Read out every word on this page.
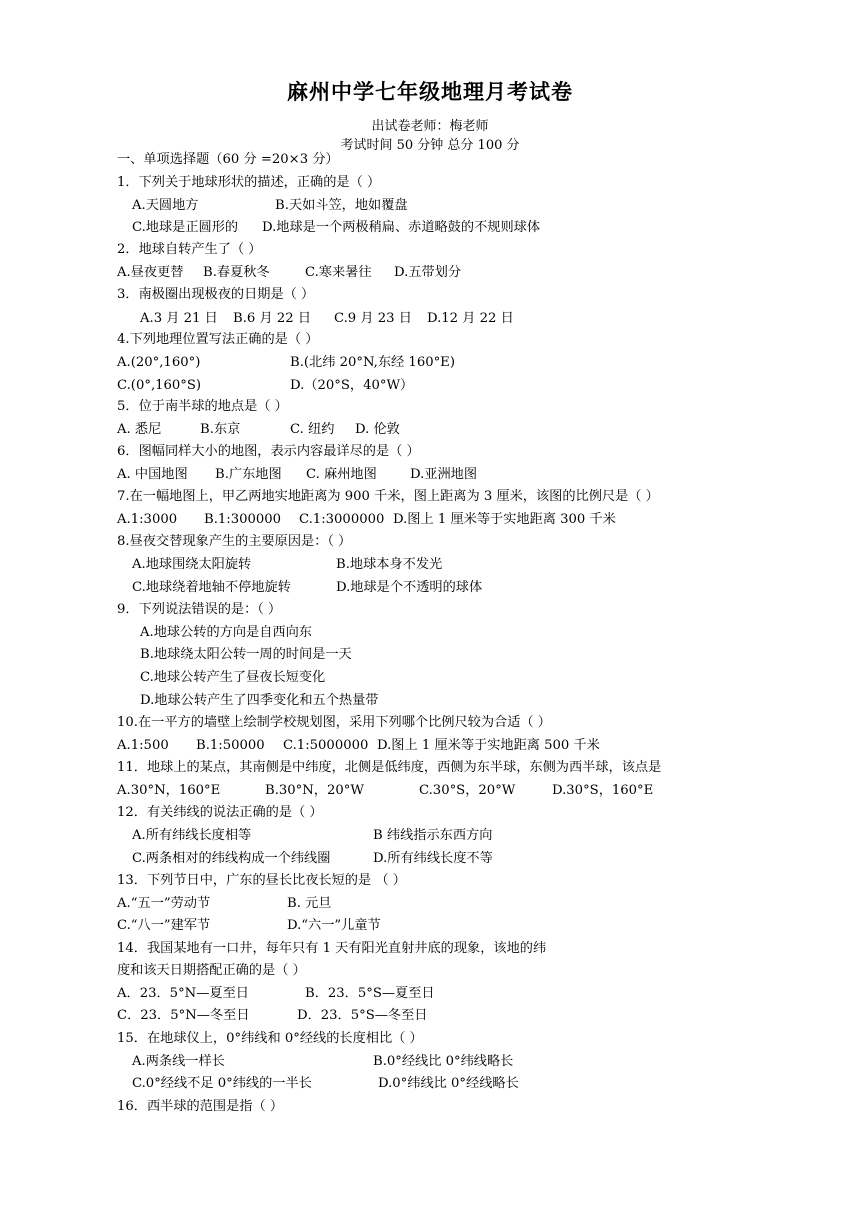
麻州中学七年级地理月考试卷
出试卷老师：梅老师
考试时间 50 分钟 总分 100 分
一、单项选择题（60 分 =20×3 分）
1．下列关于地球形状的描述，正确的是（ ）
A.天圆地方	B.天如斗笠，地如覆盘
C.地球是正圆形的 D.地球是一个两极稍扁、赤道略鼓的不规则球体
2．地球自转产生了（ ）
A.昼夜更替 B.春夏秋冬	C.寒来暑往 D.五带划分
3．南极圈出现极夜的日期是（ ）
A.3 月 21 日 B.6 月 22 日 C.9 月 23 日 D.12 月 22 日
4.下列地理位置写法正确的是（ ）
A.(20°,160°)	B.(北纬 20°N,东经 160°E)
C.(0°,160°S)	D.（20°S，40°W）
5．位于南半球的地点是（ ）
A. 悉尼	B.东京	C. 纽约 D. 伦敦
6．图幅同样大小的地图，表示内容最详尽的是（ ）
A. 中国地图 B.广东地图 C. 麻州地图	D.亚洲地图
7.在一幅地图上，甲乙两地实地距离为 900 千米，图上距离为 3 厘米，该图的比例尺是（ ）
A.1:3000 B.1:300000 C.1:3000000 D.图上 1 厘米等于实地距离 300 千米
8.昼夜交替现象产生的主要原因是：（ ）
A.地球围绕太阳旋转	B.地球本身不发光
C.地球绕着地轴不停地旋转	D.地球是个不透明的球体
9．下列说法错误的是：（ ）
A.地球公转的方向是自西向东
B.地球绕太阳公转一周的时间是一天
C.地球公转产生了昼夜长短变化
D.地球公转产生了四季变化和五个热量带
10.在一平方的墙壁上绘制学校规划图，采用下列哪个比例尺较为合适（ ）
A.1:500 B.1:50000 C.1:5000000 D.图上 1 厘米等于实地距离 500 千米
11．地球上的某点，其南侧是中纬度，北侧是低纬度，西侧为东半球，东侧为西半球，该点是
A.30°N，160°E	B.30°N，20°W	C.30°S，20°W	D.30°S，160°E
12．有关纬线的说法正确的是（ ）
A.所有纬线长度相等	B 纬线指示东西方向
C.两条相对的纬线构成一个纬线圈	D.所有纬线长度不等
13．下列节日中，广东的昼长比夜长短的是 （ ）
A.“五一”劳动节	B. 元旦
C.“八一”建军节	D.“六一”儿童节
14．我国某地有一口井，每年只有 1 天有阳光直射井底的现象，该地的纬
度和该天日期搭配正确的是（ ）
A．23．5°N—夏至日	B．23．5°S—夏至日
C．23．5°N—冬至日	D．23．5°S—冬至日
15．在地球仪上，0°纬线和 0°经线的长度相比（ ）
A.两条线一样长	B.0°经线比 0°纬线略长
C.0°经线不足 0°纬线的一半长	D.0°纬线比 0°经线略长
16．西半球的范围是指（ ）
